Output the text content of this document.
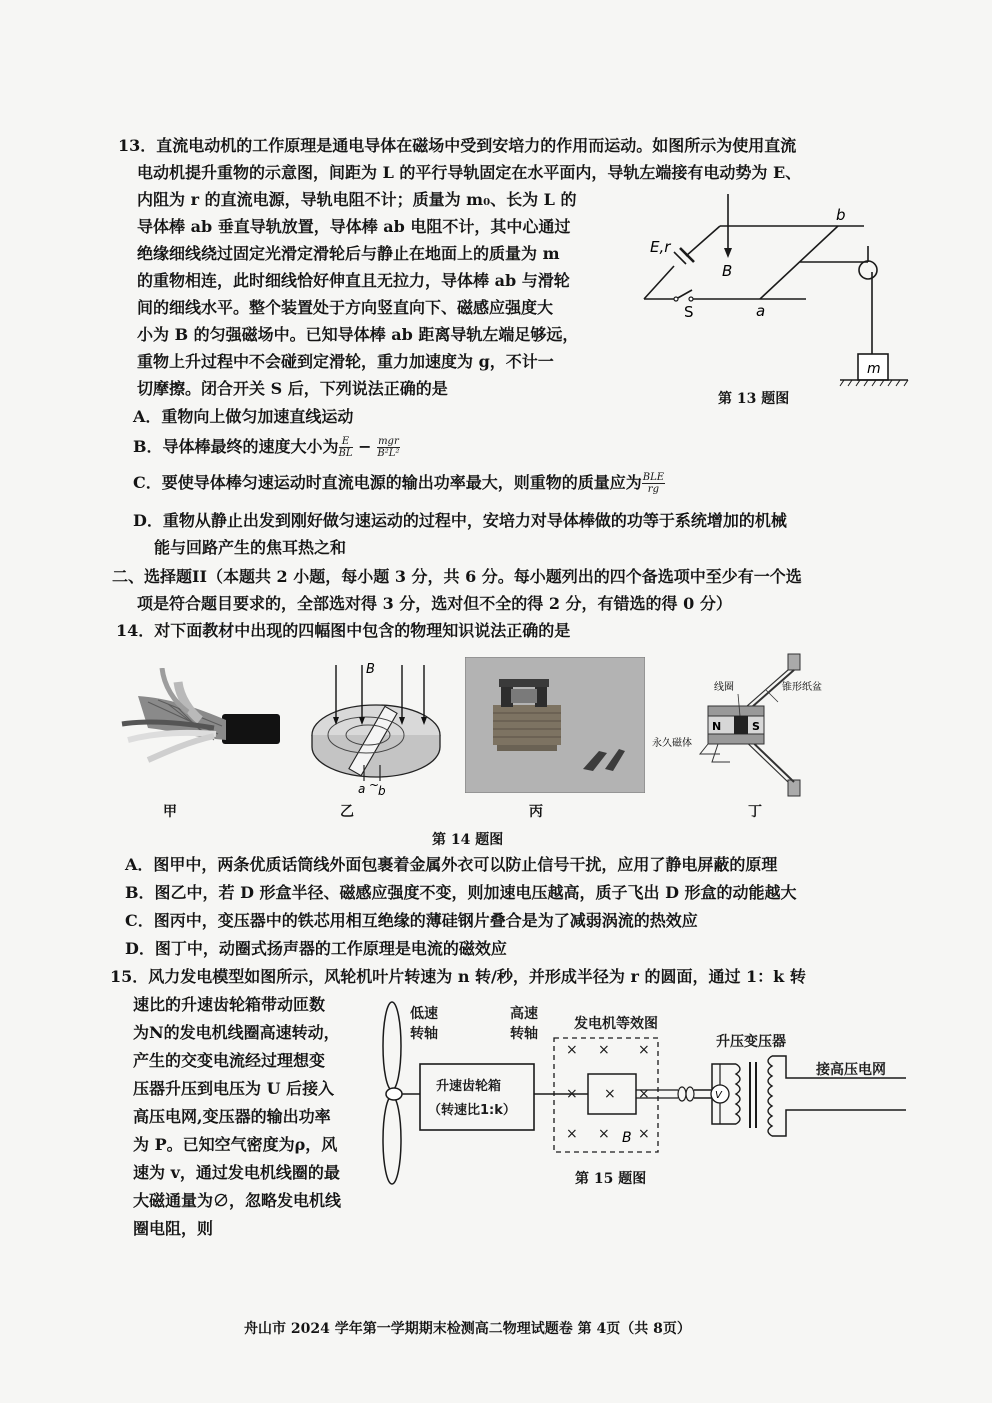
13．直流电动机的工作原理是通电导体在磁场中受到安培力的作用而运动。如图所示为使用直流
电动机提升重物的示意图，间距为 L 的平行导轨固定在水平面内，导轨左端接有电动势为 E、
内阻为 r 的直流电源，导轨电阻不计；质量为 m₀、长为 L 的
导体棒 ab 垂直导轨放置，导体棒 ab 电阻不计，其中心通过
绝缘细线绕过固定光滑定滑轮后与静止在地面上的质量为 m
的重物相连，此时细线恰好伸直且无拉力，导体棒 ab 与滑轮
间的细线水平。整个装置处于方向竖直向下、磁感应强度大
小为 B 的匀强磁场中。已知导体棒 ab 距离导轨左端足够远，
重物上升过程中不会碰到定滑轮，重力加速度为 g，不计一
切摩擦。闭合开关 S 后，下列说法正确的是
E,r
B
S	a
b
m
第 13 题图
A．重物向上做匀加速直线运动
B．导体棒最终的速度大小为 $\frac{E}{BL} - \frac{\text{mgr}}{\text{B²L²}}$
C．要使导体棒匀速运动时直流电源的输出功率最大，则重物的质量应为 $\frac{\text{BLE}}{rg}$
D．重物从静止出发到刚好做匀速运动的过程中，安培力对导体棒做的功等于系统增加的机械
能与回路产生的焦耳热之和
二、选择题II（本题共 2 小题，每小题 3 分，共 6 分。每小题列出的四个备选项中至少有一个选
项是符合题目要求的，全部选对得 3 分，选对但不全的得 2 分，有错选的得 0 分）
14．对下面教材中出现的四幅图中包含的物理知识说法正确的是
B
a ~
b
线圈	锥形纸盆
永久磁体
N	S
甲	乙	丙	丁
第 14 题图
A．图甲中，两条优质话筒线外面包裹着金属外衣可以防止信号干扰，应用了静电屏蔽的原理
B．图乙中，若 D 形盒半径、磁感应强度不变，则加速电压越高，质子飞出 D 形盒的动能越大
C．图丙中，变压器中的铁芯用相互绝缘的薄硅钢片叠合是为了减弱涡流的热效应
D．图丁中，动圈式扬声器的工作原理是电流的磁效应
15．风力发电模型如图所示，风轮机叶片转速为 n 转/秒，并形成半径为 r 的圆面，通过 1：k 转
速比的升速齿轮箱带动匝数
为N的发电机线圈高速转动，
产生的交变电流经过理想变
压器升压到电压为 U 后接入
高压电网,变压器的输出功率
为 P。已知空气密度为ρ，风
速为 v，通过发电机线圈的最
大磁通量为∅，忽略发电机线
圈电阻，则
× × ×
× × ×
× × ×
B
V
低速
转轴
高速
转轴
发电机等效图
升压变压器
接高压电网
升速齿轮箱
（转速比1:k）
第 15 题图
舟山市 2024 学年第一学期期末检测高二物理试题卷 第 4页（共 8页）
